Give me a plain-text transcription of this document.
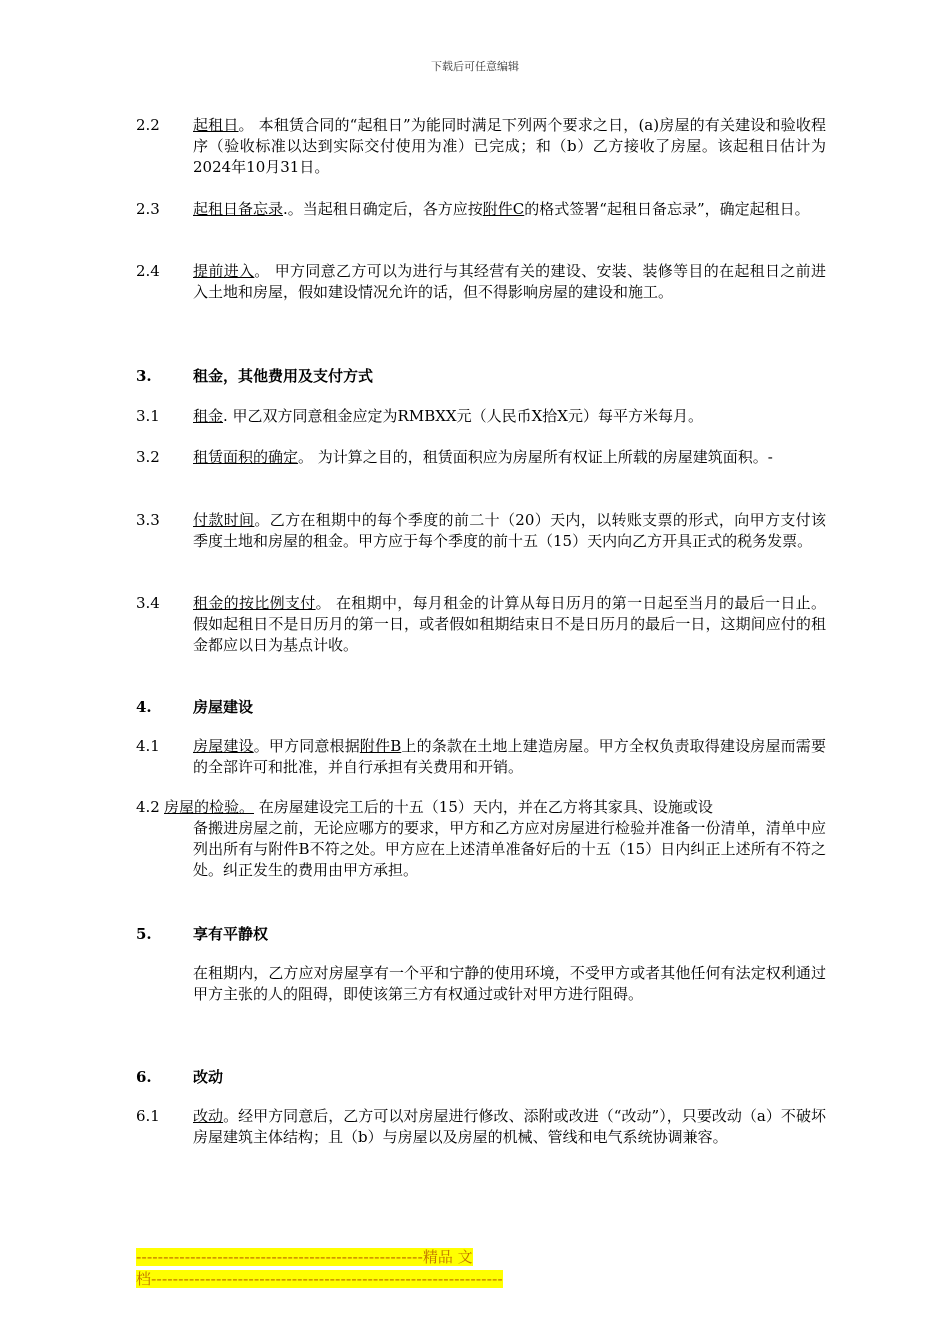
下载后可任意编辑
2.2 起租日。 本租赁合同的“起租日”为能同时满足下列两个要求之日，(a)房屋的有关建设和验收程序（验收标准以达到实际交付使用为准）已完成；和（b）乙方接收了房屋。该起租日估计为2024年10月31日。
2.3 起租日备忘录.。当起租日确定后，各方应按附件C的格式签署“起租日备忘录”，确定起租日。
2.4 提前进入。 甲方同意乙方可以为进行与其经营有关的建设、安装、装修等目的在起租日之前进入土地和房屋，假如建设情况允许的话，但不得影响房屋的建设和施工。
3.	租金，其他费用及支付方式
3.1 租金. 甲乙双方同意租金应定为RMBXX元（人民币X拾X元）每平方米每月。
3.2 租赁面积的确定。 为计算之目的，租赁面积应为房屋所有权证上所载的房屋建筑面积。-
3.3 付款时间。乙方在租期中的每个季度的前二十（20）天内，以转账支票的形式，向甲方支付该季度土地和房屋的租金。甲方应于每个季度的前十五（15）天内向乙方开具正式的税务发票。
3.4 租金的按比例支付。 在租期中，每月租金的计算从每日历月的第一日起至当月的最后一日止。假如起租日不是日历月的第一日，或者假如租期结束日不是日历月的最后一日，这期间应付的租金都应以日为基点计收。
4.	房屋建设
4.1 房屋建设。甲方同意根据附件B上的条款在土地上建造房屋。甲方全权负责取得建设房屋而需要的全部许可和批准，并自行承担有关费用和开销。
4.2 房屋的检验。 在房屋建设完工后的十五（15）天内，并在乙方将其家具、设施或设
备搬进房屋之前，无论应哪方的要求，甲方和乙方应对房屋进行检验并准备一份清单，清单中应列出所有与附件B不符之处。甲方应在上述清单准备好后的十五（15）日内纠正上述所有不符之处。纠正发生的费用由甲方承担。
5.	享有平静权
在租期内，乙方应对房屋享有一个平和宁静的使用环境，不受甲方或者其他任何有法定权利通过甲方主张的人的阻碍，即使该第三方有权通过或针对甲方进行阻碍。
6.	改动
6.1 改动。经甲方同意后，乙方可以对房屋进行修改、添附或改进（“改动”），只要改动（a）不破坏房屋建筑主体结构；且（b）与房屋以及房屋的机械、管线和电气系统协调兼容。
-----------------------------------------------------精品 文
档-----------------------------------------------------------------
